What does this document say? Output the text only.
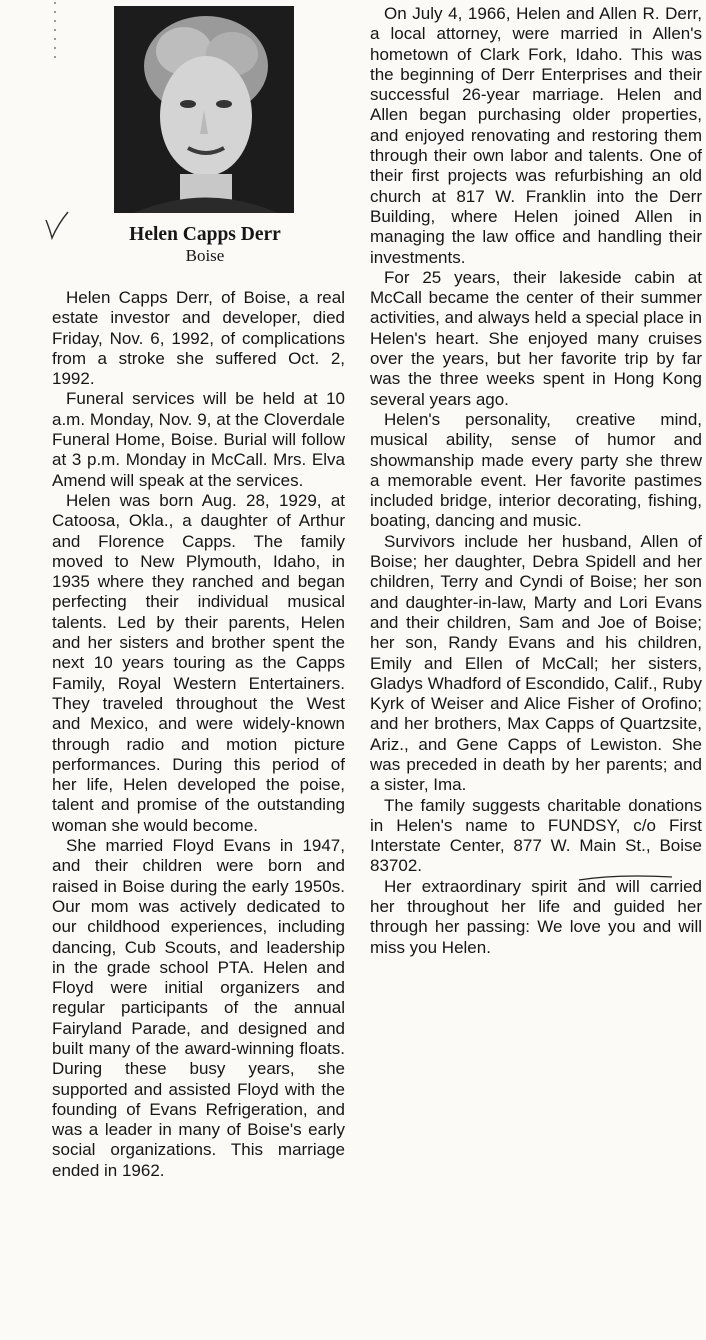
Helen Capps Derr
Boise

Helen Capps Derr, of Boise, a real estate investor and developer, died Friday, Nov. 6, 1992, of complications from a stroke she suffered Oct. 2, 1992.

Funeral services will be held at 10 a.m. Monday, Nov. 9, at the Cloverdale Funeral Home, Boise. Burial will follow at 3 p.m. Monday in McCall. Mrs. Elva Amend will speak at the services.

Helen was born Aug. 28, 1929, at Catoosa, Okla., a daughter of Arthur and Florence Capps. The family moved to New Plymouth, Idaho, in 1935 where they ranched and began perfecting their individual musical talents. Led by their parents, Helen and her sisters and brother spent the next 10 years touring as the Capps Family, Royal Western Entertainers. They traveled throughout the West and Mexico, and were widely-known through radio and motion picture performances. During this period of her life, Helen developed the poise, talent and promise of the outstanding woman she would become.

She married Floyd Evans in 1947, and their children were born and raised in Boise during the early 1950s. Our mom was actively dedicated to our childhood experiences, including dancing, Cub Scouts, and leadership in the grade school PTA. Helen and Floyd were initial organizers and regular participants of the annual Fairyland Parade, and designed and built many of the award-winning floats. During these busy years, she supported and assisted Floyd with the founding of Evans Refrigeration, and was a leader in many of Boise's early social organizations. This marriage ended in 1962.

On July 4, 1966, Helen and Allen R. Derr, a local attorney, were married in Allen's hometown of Clark Fork, Idaho. This was the beginning of Derr Enterprises and their successful 26-year marriage. Helen and Allen began purchasing older properties, and enjoyed renovating and restoring them through their own labor and talents. One of their first projects was refurbishing an old church at 817 W. Franklin into the Derr Building, where Helen joined Allen in managing the law office and handling their investments.

For 25 years, their lakeside cabin at McCall became the center of their summer activities, and always held a special place in Helen's heart. She enjoyed many cruises over the years, but her favorite trip by far was the three weeks spent in Hong Kong several years ago.

Helen's personality, creative mind, musical ability, sense of humor and showmanship made every party she threw a memorable event. Her favorite pastimes included bridge, interior decorating, fishing, boating, dancing and music.

Survivors include her husband, Allen of Boise; her daughter, Debra Spidell and her children, Terry and Cyndi of Boise; her son and daughter-in-law, Marty and Lori Evans and their children, Sam and Joe of Boise; her son, Randy Evans and his children, Emily and Ellen of McCall; her sisters, Gladys Whadford of Escondido, Calif., Ruby Kyrk of Weiser and Alice Fisher of Orofino; and her brothers, Max Capps of Quartzsite, Ariz., and Gene Capps of Lewiston. She was preceded in death by her parents; and a sister, Ima.

The family suggests charitable donations in Helen's name to FUNDSY, c/o First Interstate Center, 877 W. Main St., Boise 83702.

Her extraordinary spirit and will carried her throughout her life and guided her through her passing: We love you and will miss you Helen.
